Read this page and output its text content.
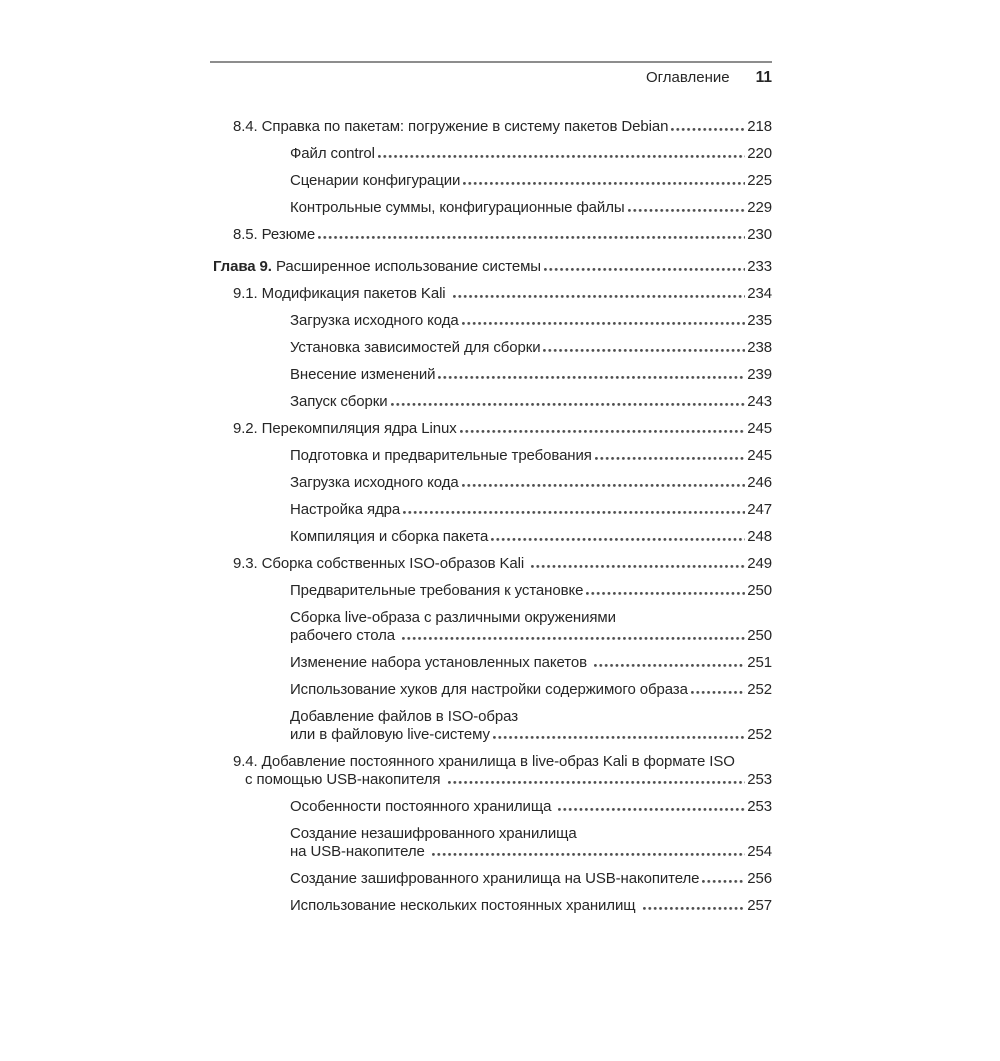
Оглавление 11
8.4. Справка по пакетам: погружение в систему пакетов Debian	218
Файл control	220
Сценарии конфигурации	225
Контрольные суммы, конфигурационные файлы	229
8.5. Резюме	230
Глава 9. Расширенное использование системы	233
9.1. Модификация пакетов Kali	234
Загрузка исходного кода	235
Установка зависимостей для сборки	238
Внесение изменений	239
Запуск сборки	243
9.2. Перекомпиляция ядра Linux	245
Подготовка и предварительные требования	245
Загрузка исходного кода	246
Настройка ядра	247
Компиляция и сборка пакета	248
9.3. Сборка собственных ISO-образов Kali	249
Предварительные требования к установке	250
Сборка live-образа с различными окружениями
рабочего стола	250
Изменение набора установленных пакетов	251
Использование хуков для настройки содержимого образа	252
Добавление файлов в ISO-образ
или в файловую live-систему	252
9.4. Добавление постоянного хранилища в live-образ Kali в формате ISO
с помощью USB-накопителя	253
Особенности постоянного хранилища	253
Создание незашифрованного хранилища
на USB-накопителе	254
Создание зашифрованного хранилища на USB-накопителе	256
Использование нескольких постоянных хранилищ	257
